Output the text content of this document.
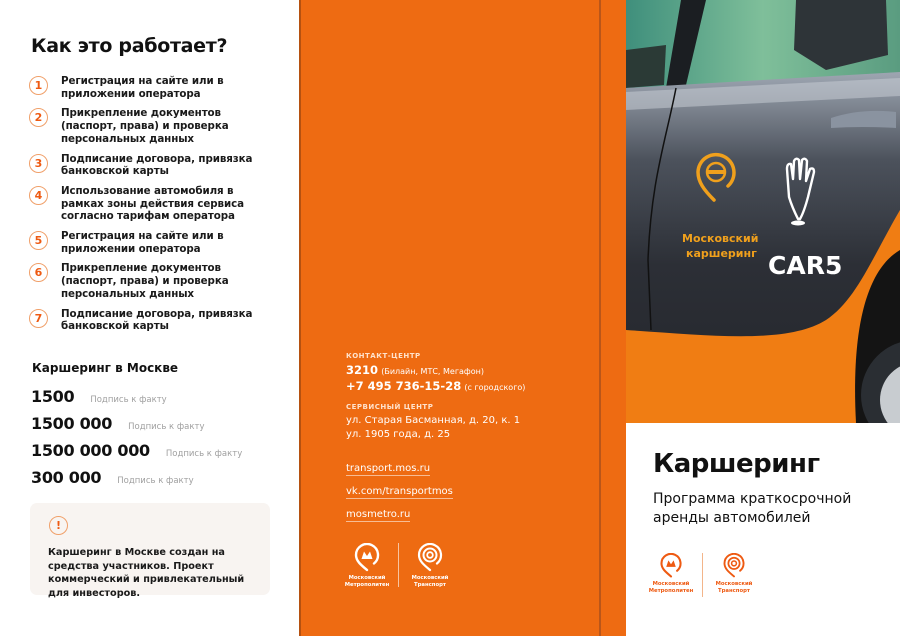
Как это работает?
1	Регистрация на сайте или в приложении оператора
2	Прикрепление документов (паспорт, права) и проверка персональных данных
3	Подписание договора, привязка банковской карты
4	Использование автомобиля в рамках зоны действия сервиса согласно тарифам оператора
5	Регистрация на сайте или в приложении оператора
6	Прикрепление документов (паспорт, права) и проверка персональных данных
7	Подписание договора, привязка банковской карты
Каршеринг в Москве
1500 Подпись к факту
1500 000 Подпись к факту
1500 000 000 Подпись к факту
300 000 Подпись к факту
!

Каршеринг в Москве создан на средства участников. Проект коммерческий и привлекательный для инвесторов.

КОНТАКТ-ЦЕНТР
3210 (Билайн, МТС, Мегафон)
+7 495 736-15-28 (с городского)
СЕРВИСНЫЙ ЦЕНТР
ул. Старая Басманная, д. 20, к. 1
ул. 1905 года, д. 25
transport.mos.ru
vk.com/transportmos
mosmetro.ru
Московский
Метрополитен
Московский
Транспорт
Московский
каршеринг CAR5
Каршеринг

Программа краткосрочной аренды автомобилей

Московский
Метрополитен
Московский
Транспорт
